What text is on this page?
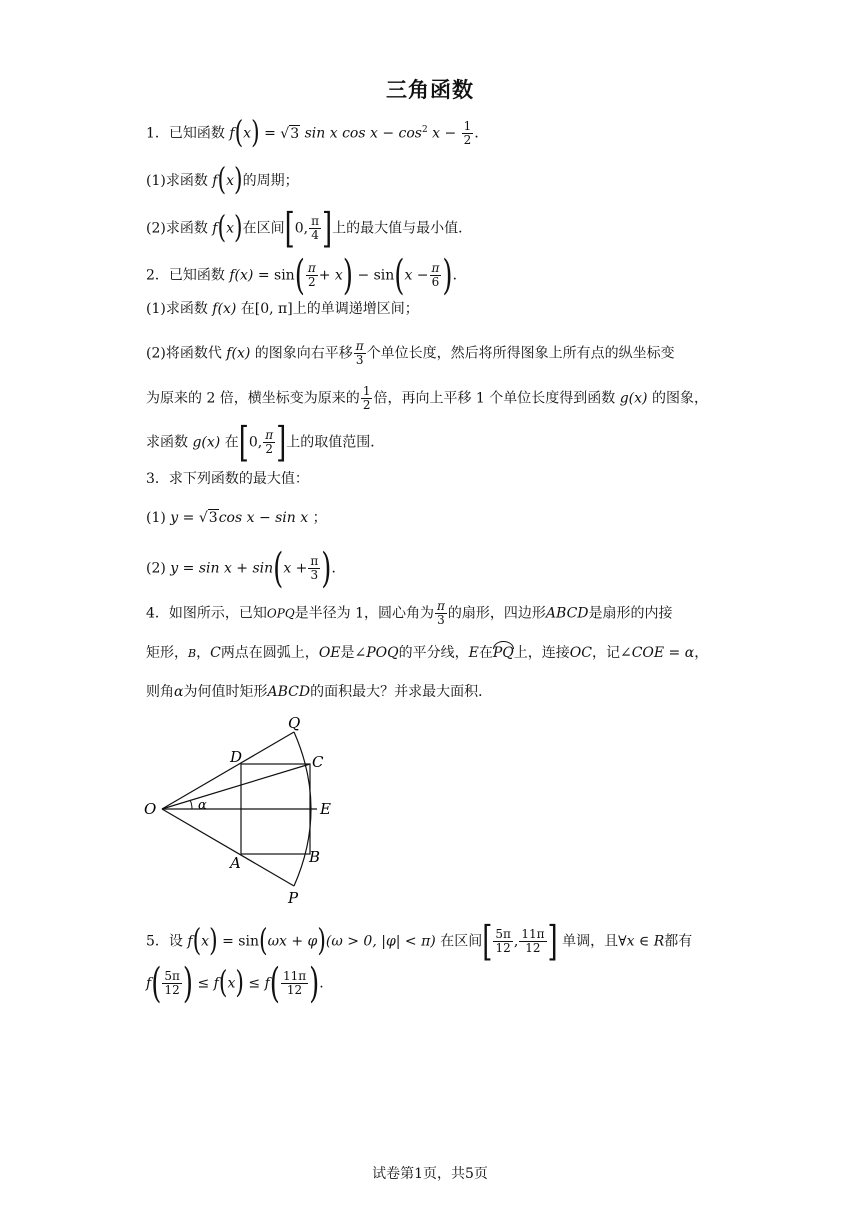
三角函数
1．已知函数 f(x) = √3 sin x $\cos x - \cos^2 x - \frac{1}{2}$ ．
(1)求函数 f(x)的周期；
(2)求函数 f(x)在区间[0, $\frac{\pi}{4}$ ]上的最大值与最小值．
2．已知函数 $f(x) = \sin( \frac{\pi}{2} + x) - \sin(x - \frac{\pi}{6}$ )．
(1)求函数 f(x) 在[0, π]上的单调递增区间；
(2)将函数代 f(x) 的图象向右平移 $\frac{\pi}{3}$ 个单位长度，然后将所得图象上所有点的纵坐标变
为原来的 2 倍，横坐标变为原来的 $\frac{1}{2}$ 倍，再向上平移 1 个单位长度得到函数 g(x) 的图象，
求函数 g(x) 在[0, $\frac{\pi}{2}$ ]上的取值范围．
3．求下列函数的最大值：
(1) y = √3cos x − sin x ；
(2) $y = \sin x + \sin(x + \frac{\pi}{3}$ )．
4．如图所示，已知OPQ是半径为 1，圆心角为 $\frac{\pi}{3}$ 的扇形，四边形ABCD是扇形的内接
矩形，B，C两点在圆弧上，OE是∠POQ的平分线，E在PQ上，连接OC，记∠COE = α，
则角α为何值时矩形ABCD的面积最大？并求最大面积．
O
Q
P
D	C
A	B
E
α
5．设 f(x) = sin(ωx + φ)(ω > 0, |φ| < π) 在区间[ $\frac{5\pi}{12}$ , $\frac{11\pi}{12}$ ] 单调，且∀x ∈ R都有
$f( \frac{5\pi}{12}$ ) ≤ $f(x) \le f( \frac{11\pi}{12}$ ).
试卷第1页，共5页
